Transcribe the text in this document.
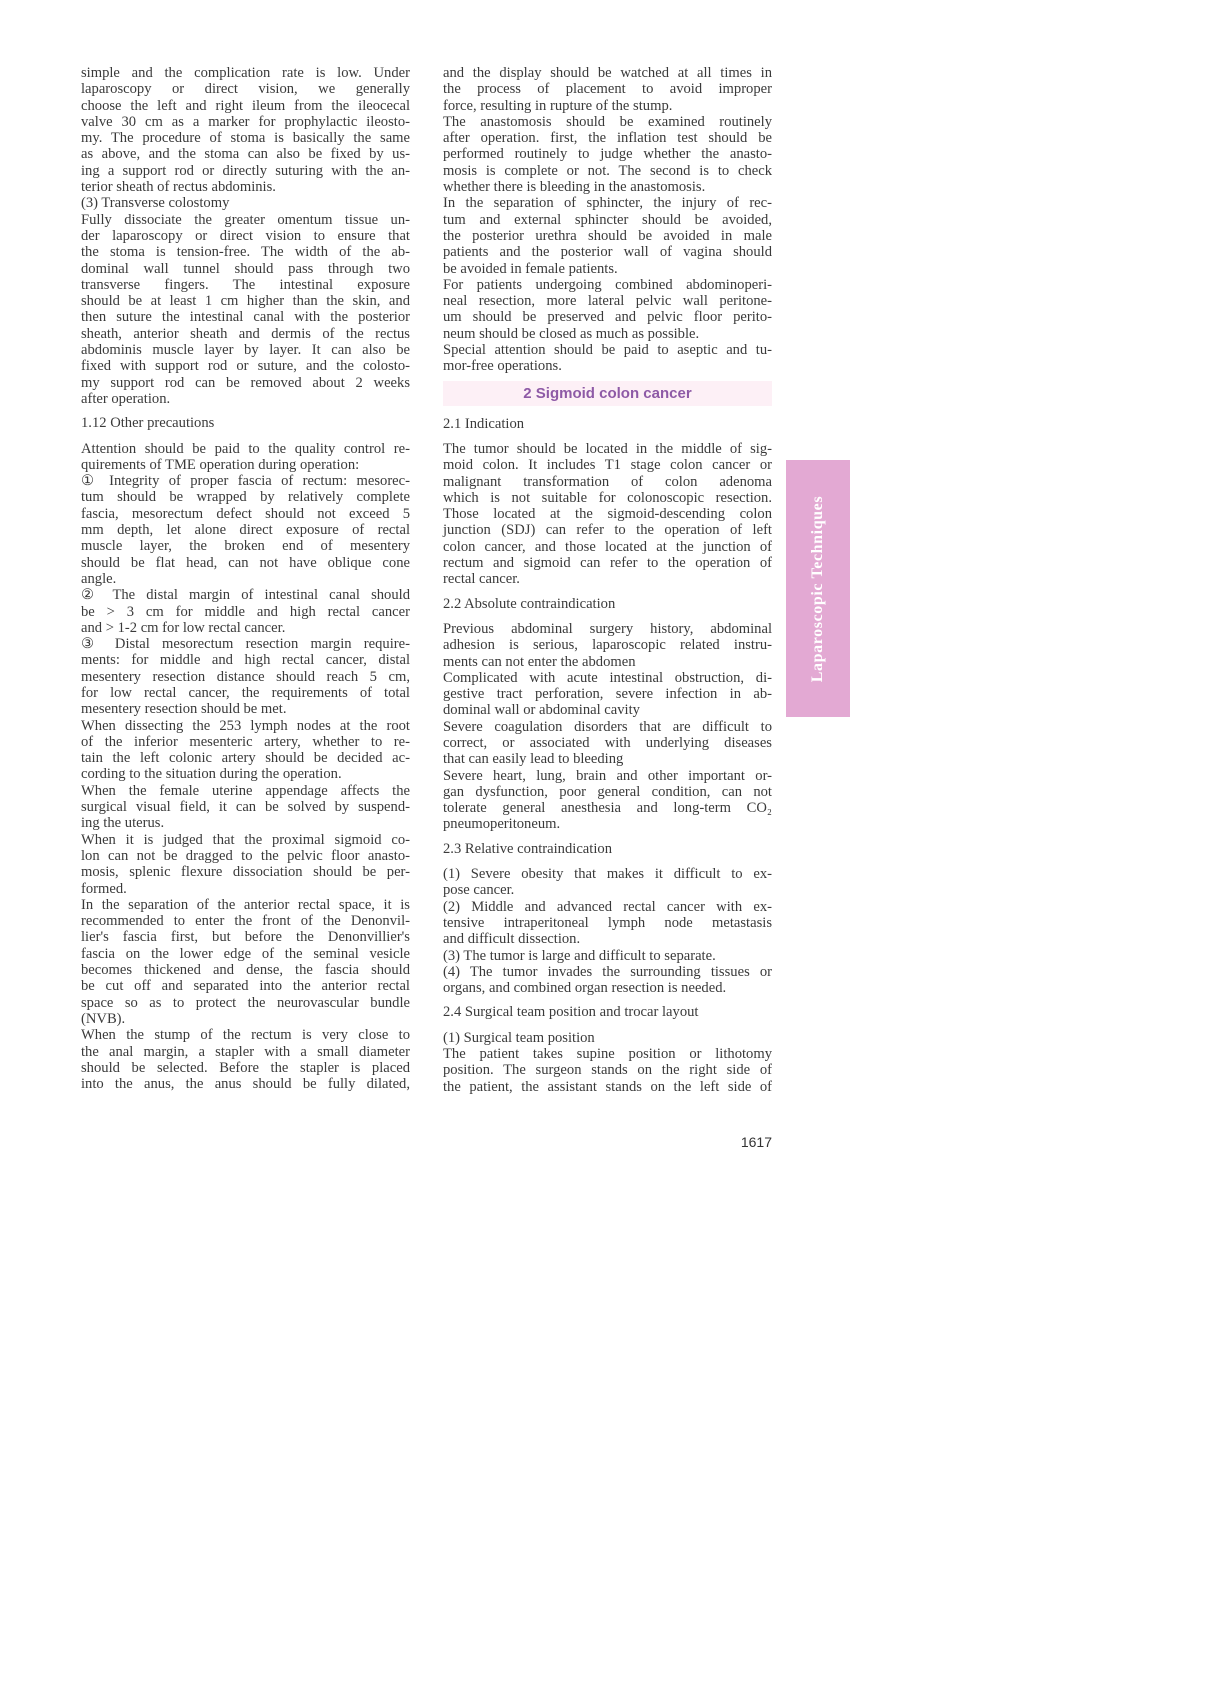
simple and the complication rate is low. Under
laparoscopy or direct vision, we generally
choose the left and right ileum from the ileocecal
valve 30 cm as a marker for prophylactic ileosto-
my. The procedure of stoma is basically the same
as above, and the stoma can also be fixed by us-
ing a support rod or directly suturing with the an-
terior sheath of rectus abdominis.
(3) Transverse colostomy
Fully dissociate the greater omentum tissue un-
der laparoscopy or direct vision to ensure that
the stoma is tension-free. The width of the ab-
dominal wall tunnel should pass through two
transverse fingers. The intestinal exposure
should be at least 1 cm higher than the skin, and
then suture the intestinal canal with the posterior
sheath, anterior sheath and dermis of the rectus
abdominis muscle layer by layer. It can also be
fixed with support rod or suture, and the colosto-
my support rod can be removed about 2 weeks
after operation.
1.12 Other precautions
Attention should be paid to the quality control re-
quirements of TME operation during operation:
① Integrity of proper fascia of rectum: mesorec-
tum should be wrapped by relatively complete
fascia, mesorectum defect should not exceed 5
mm depth, let alone direct exposure of rectal
muscle layer, the broken end of mesentery
should be flat head, can not have oblique cone
angle.
② The distal margin of intestinal canal should
be > 3 cm for middle and high rectal cancer
and > 1-2 cm for low rectal cancer.
③ Distal mesorectum resection margin require-
ments: for middle and high rectal cancer, distal
mesentery resection distance should reach 5 cm,
for low rectal cancer, the requirements of total
mesentery resection should be met.
When dissecting the 253 lymph nodes at the root
of the inferior mesenteric artery, whether to re-
tain the left colonic artery should be decided ac-
cording to the situation during the operation.
When the female uterine appendage affects the
surgical visual field, it can be solved by suspend-
ing the uterus.
When it is judged that the proximal sigmoid co-
lon can not be dragged to the pelvic floor anasto-
mosis, splenic flexure dissociation should be per-
formed.
In the separation of the anterior rectal space, it is
recommended to enter the front of the Denonvil-
lier's fascia first, but before the Denonvillier's
fascia on the lower edge of the seminal vesicle
becomes thickened and dense, the fascia should
be cut off and separated into the anterior rectal
space so as to protect the neurovascular bundle
(NVB).
When the stump of the rectum is very close to
the anal margin, a stapler with a small diameter
should be selected. Before the stapler is placed
into the anus, the anus should be fully dilated,
and the display should be watched at all times in
the process of placement to avoid improper
force, resulting in rupture of the stump.
The anastomosis should be examined routinely
after operation. first, the inflation test should be
performed routinely to judge whether the anasto-
mosis is complete or not. The second is to check
whether there is bleeding in the anastomosis.
In the separation of sphincter, the injury of rec-
tum and external sphincter should be avoided,
the posterior urethra should be avoided in male
patients and the posterior wall of vagina should
be avoided in female patients.
For patients undergoing combined abdominoperi-
neal resection, more lateral pelvic wall peritone-
um should be preserved and pelvic floor perito-
neum should be closed as much as possible.
Special attention should be paid to aseptic and tu-
mor-free operations.
2 Sigmoid colon cancer
2.1 Indication
The tumor should be located in the middle of sig-
moid colon. It includes T1 stage colon cancer or
malignant transformation of colon adenoma
which is not suitable for colonoscopic resection.
Those located at the sigmoid-descending colon
junction (SDJ) can refer to the operation of left
colon cancer, and those located at the junction of
rectum and sigmoid can refer to the operation of
rectal cancer.
2.2 Absolute contraindication
Previous abdominal surgery history, abdominal
adhesion is serious, laparoscopic related instru-
ments can not enter the abdomen
Complicated with acute intestinal obstruction, di-
gestive tract perforation, severe infection in ab-
dominal wall or abdominal cavity
Severe coagulation disorders that are difficult to
correct, or associated with underlying diseases
that can easily lead to bleeding
Severe heart, lung, brain and other important or-
gan dysfunction, poor general condition, can not
tolerate general anesthesia and long-term CO₂
pneumoperitoneum.
2.3 Relative contraindication
(1) Severe obesity that makes it difficult to ex-
pose cancer.
(2) Middle and advanced rectal cancer with ex-
tensive intraperitoneal lymph node metastasis
and difficult dissection.
(3) The tumor is large and difficult to separate.
(4) The tumor invades the surrounding tissues or
organs, and combined organ resection is needed.
2.4 Surgical team position and trocar layout
(1) Surgical team position
The patient takes supine position or lithotomy
position. The surgeon stands on the right side of
the patient, the assistant stands on the left side of
Laparoscopic Techniques
1617
